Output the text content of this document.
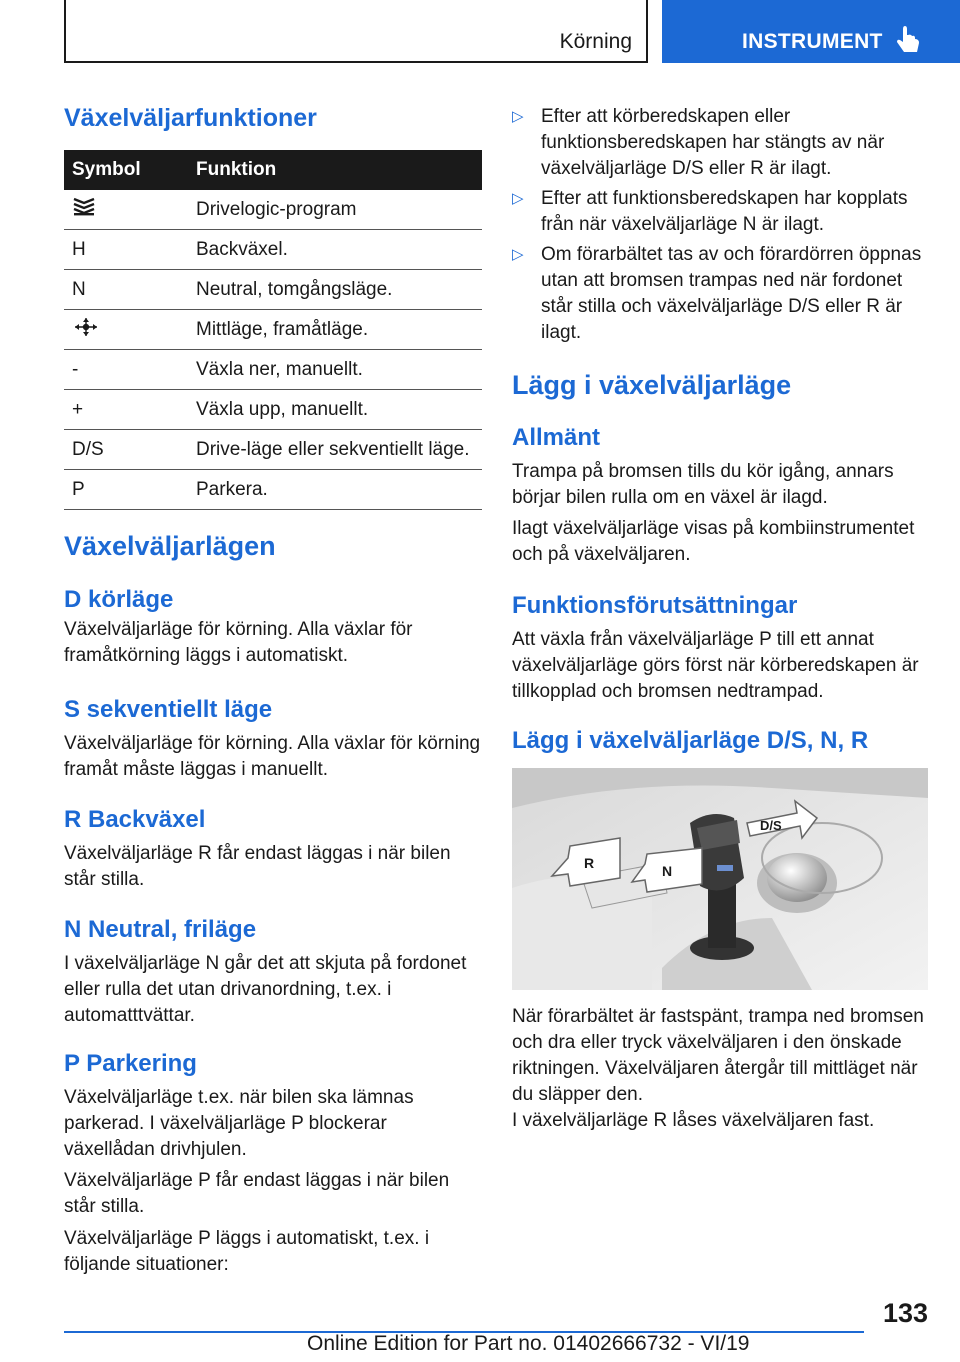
Körning	INSTRUMENT
Växelväljarfunktioner
Symbol	Funktion
	Drivelogic-program
H	Backväxel.
N	Neutral, tomgångsläge.
	Mittläge, framåtläge.
-	Växla ner, manuellt.
+	Växla upp, manuellt.
D/S	Drive-läge eller sekventiellt läge.
P	Parkera.
Växelväljarlägen
D körläge

Växelväljarläge för körning. Alla växlar för framåtkörning läggs i automatiskt.

S sekventiellt läge

Växelväljarläge för körning. Alla växlar för körning framåt måste läggas i manuellt.

R Backväxel

Växelväljarläge R får endast läggas i när bilen står stilla.

N Neutral, friläge

I växelväljarläge N går det att skjuta på fordonet eller rulla det utan drivanordning, t.ex. i automatttvättar.

P Parkering

Växelväljarläge t.ex. när bilen ska lämnas parkerad. I växelväljarläge P blockerar växellådan drivhjulen.

Växelväljarläge P får endast läggas i när bilen står stilla.

Växelväljarläge P läggs i automatiskt, t.ex. i följande situationer:

▷ Efter att körberedskapen eller funktionsberedskapen har stängts av när växelväljarläge D/S eller R är ilagt.
▷ Efter att funktionsberedskapen har kopplats från när växelväljarläge N är ilagt.
▷ Om förarbältet tas av och förardörren öppnas utan att bromsen trampas ned när fordonet står stilla och växelväljarläge D/S eller R är ilagt.
Lägg i växelväljarläge
Allmänt

Trampa på bromsen tills du kör igång, annars börjar bilen rulla om en växel är ilagd.

Ilagt växelväljarläge visas på kombiinstrumentet och på växelväljaren.

Funktionsförutsättningar

Att växla från växelväljarläge P till ett annat växelväljarläge görs först när körberedskapen är tillkopplad och bromsen nedtrampad.

Lägg i växelväljarläge D/S, N, R
R	N
D/S

När förarbältet är fastspänt, trampa ned bromsen och dra eller tryck växelväljaren i den önskade riktningen. Växelväljaren återgår till mittläget när du släpper den.

I växelväljarläge R låses växelväljaren fast.

133
Online Edition for Part no. 01402666732 - VI/19
